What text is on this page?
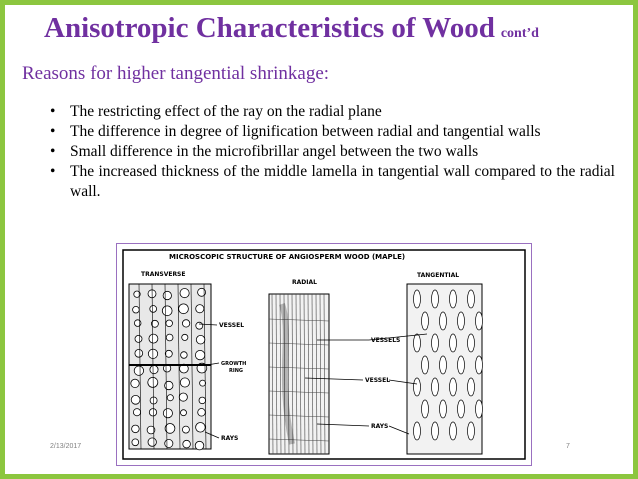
Anisotropic Characteristics of Wood cont’d
Reasons for higher tangential shrinkage:
• The restricting effect of the ray on the radial plane
• The difference in degree of lignification between radial and tangential walls
• Small difference in the microfibrillar angel between the two walls
• The increased thickness of the middle lamella in tangential wall compared to the radial wall.
MICROSCOPIC STRUCTURE OF ANGIOSPERM WOOD (MAPLE)
TRANSVERSE
RADIAL
TANGENTIAL
VESSEL
GROWTH
RING
RAYS
VESSELS
VESSEL
RAYS
2/13/2017	7
